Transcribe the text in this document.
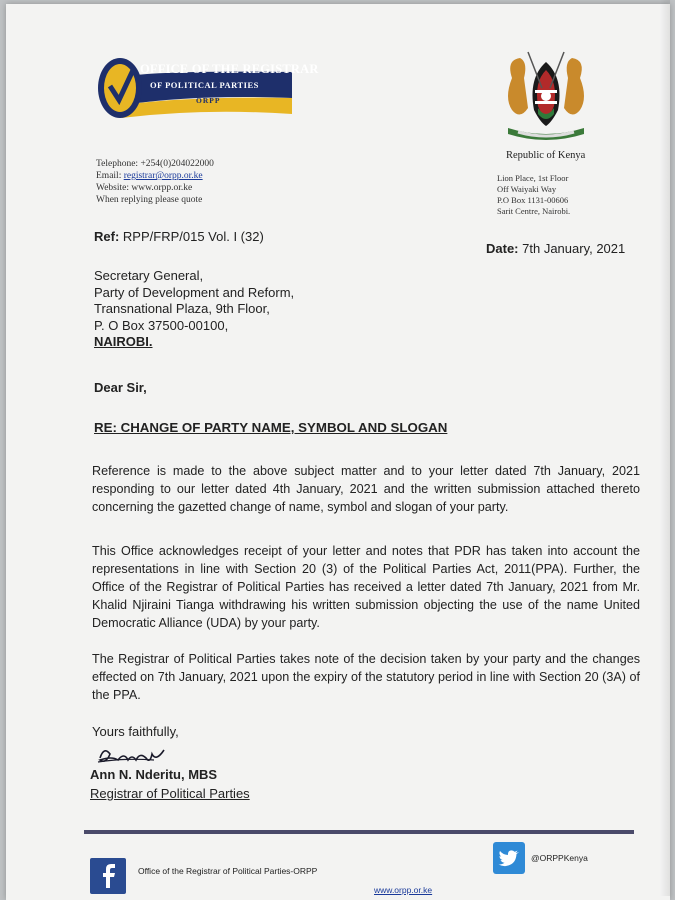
OFFICE OF THE REGISTRAR
OF POLITICAL PARTIES
ORPP
Telephone: +254(0)204022000
Email: registrar@orpp.or.ke
Website: www.orpp.or.ke
When replying please quote
Republic of Kenya
Lion Place, 1st Floor
Off Waiyaki Way
P.O Box 1131-00606
Sarit Centre, Nairobi.
Ref: RPP/FRP/015 Vol. I (32)
Date: 7th January, 2021
Secretary General,
Party of Development and Reform,
Transnational Plaza, 9th Floor,
P. O Box 37500-00100,
NAIROBI.
Dear Sir,
RE: CHANGE OF PARTY NAME, SYMBOL AND SLOGAN
Reference is made to the above subject matter and to your letter dated 7th January, 2021 responding to our letter dated 4th January, 2021 and the written submission attached thereto concerning the gazetted change of name, symbol and slogan of your party.
This Office acknowledges receipt of your letter and notes that PDR has taken into account the representations in line with Section 20 (3) of the Political Parties Act, 2011(PPA). Further, the Office of the Registrar of Political Parties has received a letter dated 7th January, 2021 from Mr. Khalid Njiraini Tianga withdrawing his written submission objecting the use of the name United Democratic Alliance (UDA) by your party.
The Registrar of Political Parties takes note of the decision taken by your party and the changes effected on 7th January, 2021 upon the expiry of the statutory period in line with Section 20 (3A) of the PPA.
Yours faithfully,
Ann N. Nderitu, MBS
Registrar of Political Parties
Office of the Registrar of Political Parties-ORPP
@ORPPKenya
www.orpp.or.ke
